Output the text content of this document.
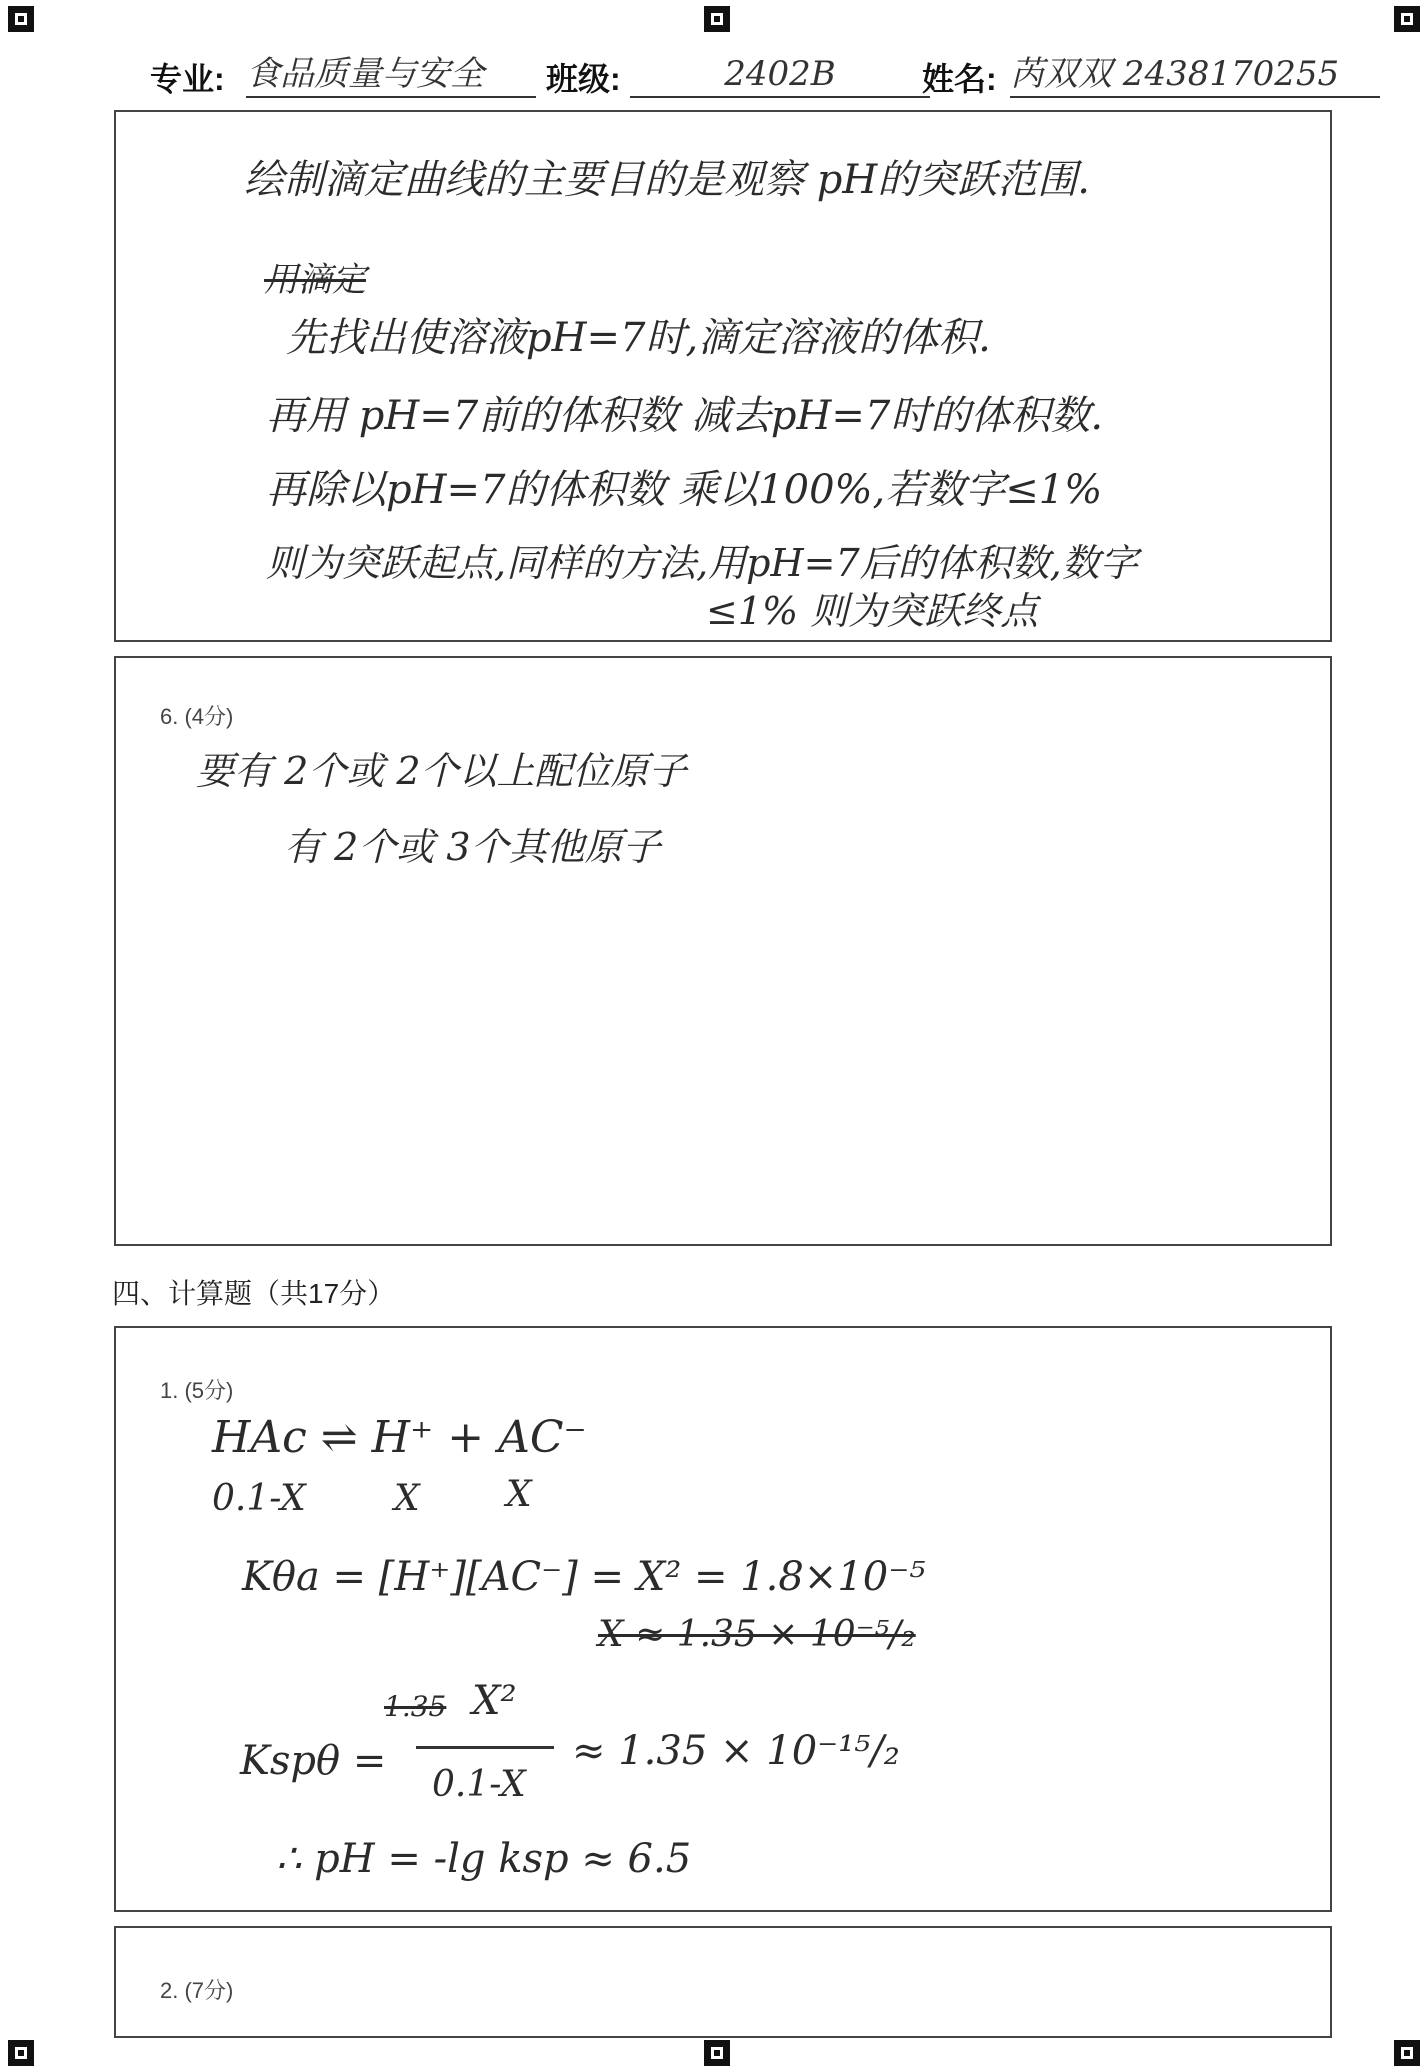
专业: 食品质量与安全	班级:	2402B	姓名: 芮双双 2438170255
绘制滴定曲线的主要目的是观察 pH的突跃范围.
用滴定
先找出使溶液pH=7时,滴定溶液的体积.
再用 pH=7前的体积数 减去pH=7时的体积数.
再除以pH=7的体积数 乘以100%,若数字≤1%
则为突跃起点,同样的方法,用pH=7后的体积数,数字
≤1% 则为突跃终点
6. (4分)
要有 2个或 2个以上配位原子
有 2个或 3个其他原子
四、计算题（共17分）
1. (5分)
HAc ⇌ H⁺ + AC⁻
0.1-X X X
Kθa = [H⁺][AC⁻] = X² = 1.8×10⁻⁵
X ≈ 1.35 × 10⁻⁵/₂
Kspθ =
1.35 X²
0.1-X
≈ 1.35 × 10⁻¹⁵/₂
∴ pH = -lg ksp ≈ 6.5
2. (7分)
